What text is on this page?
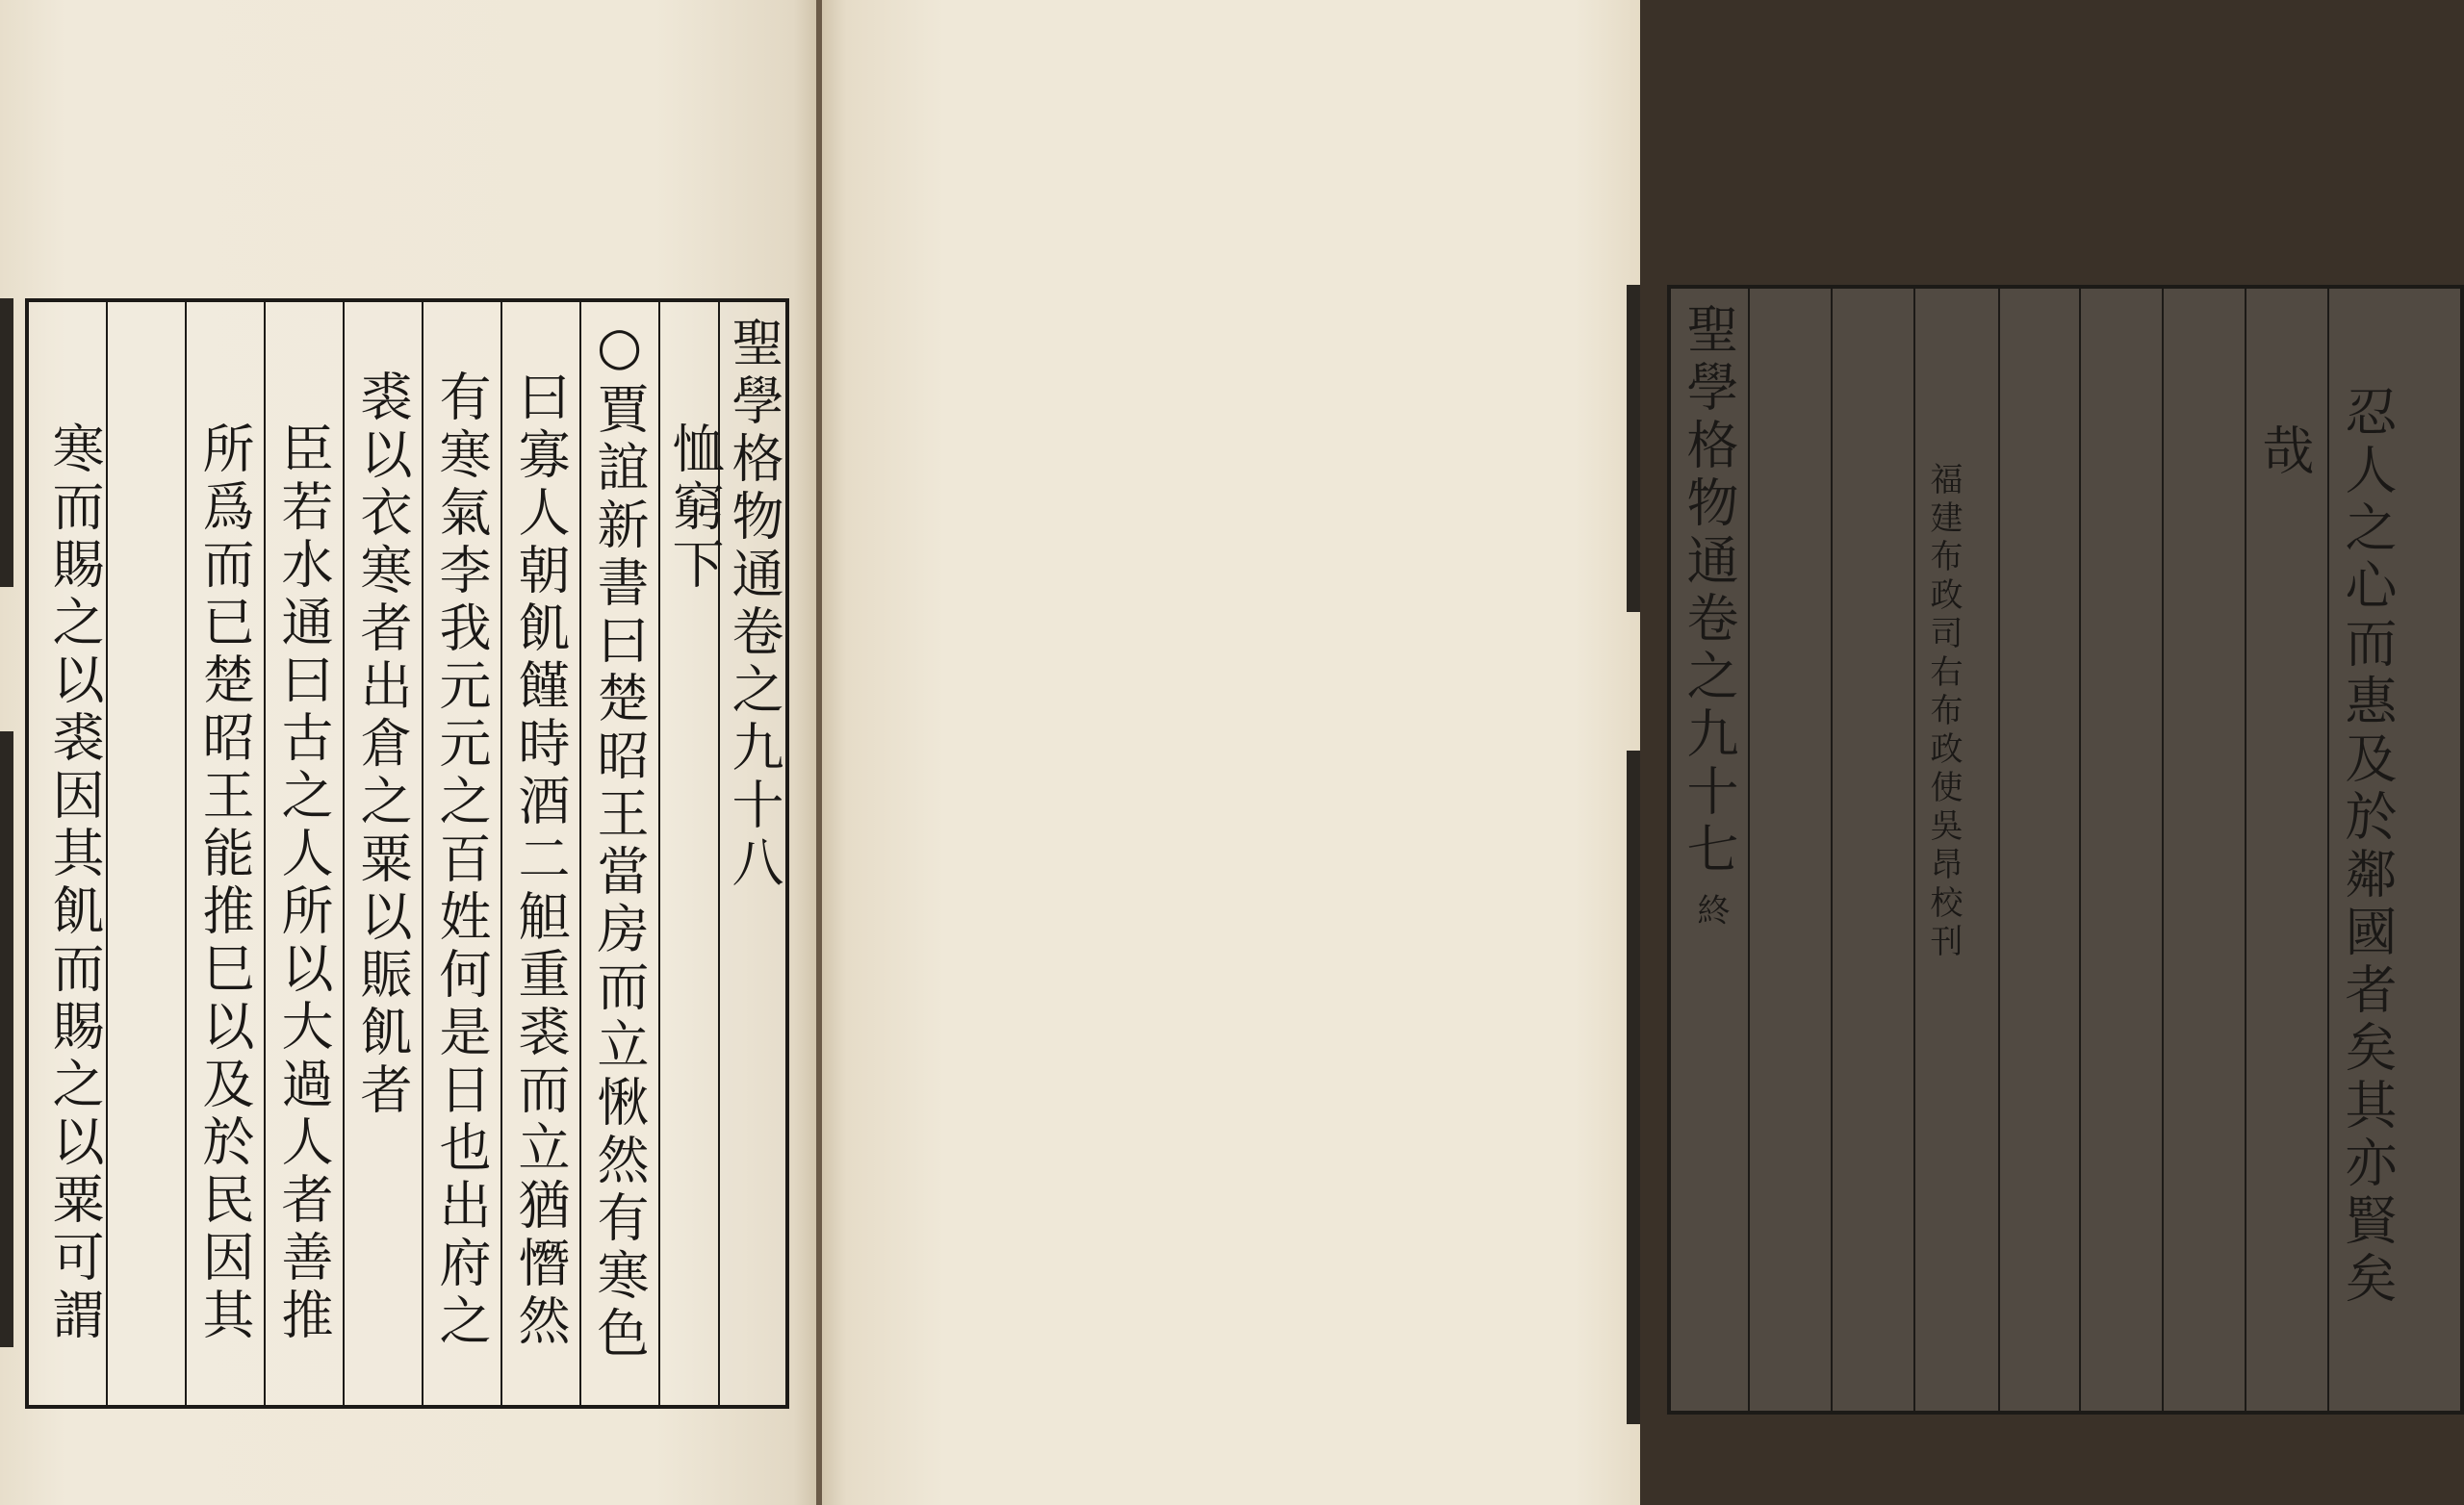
聖學格物通卷之九十八
恤窮下
○賈誼新書曰楚昭王當房而立愀然有寒色
曰寡人朝飢饉時酒二觛重裘而立猶憯然
有寒氣李我元元之百姓何是日也出府之
裘以衣寒者出倉之粟以賑飢者
臣若水通曰古之人所以大過人者善推
所爲而已楚昭王能推巳以及於民因其
寒而賜之以裘因其飢而賜之以粟可謂	聖學格物通卷之九十七
終	福建布政司右布政使吳昂校刊
哉 忍人之心而惠及於鄰國者矣其亦賢矣
